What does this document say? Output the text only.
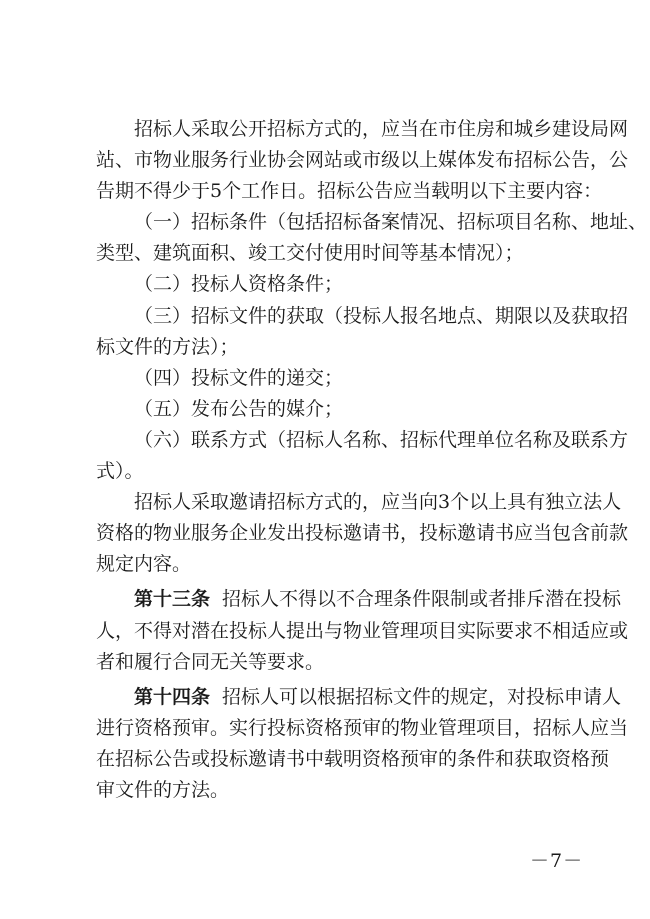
招标人采取公开招标方式的，应当在市住房和城乡建设局网
站、市物业服务行业协会网站或市级以上媒体发布招标公告，公
告期不得少于5个工作日。招标公告应当载明以下主要内容：
（一）招标条件（包括招标备案情况、招标项目名称、地址、
类型、建筑面积、竣工交付使用时间等基本情况）；
（二）投标人资格条件；
（三）招标文件的获取（投标人报名地点、期限以及获取招
标文件的方法）；
（四）投标文件的递交；
（五）发布公告的媒介；
（六）联系方式（招标人名称、招标代理单位名称及联系方
式）。
招标人采取邀请招标方式的，应当向3个以上具有独立法人
资格的物业服务企业发出投标邀请书，投标邀请书应当包含前款
规定内容。
第十三条 招标人不得以不合理条件限制或者排斥潜在投标
人，不得对潜在投标人提出与物业管理项目实际要求不相适应或
者和履行合同无关等要求。
第十四条 招标人可以根据招标文件的规定，对投标申请人
进行资格预审。实行投标资格预审的物业管理项目，招标人应当
在招标公告或投标邀请书中载明资格预审的条件和获取资格预
审文件的方法。
－7－
